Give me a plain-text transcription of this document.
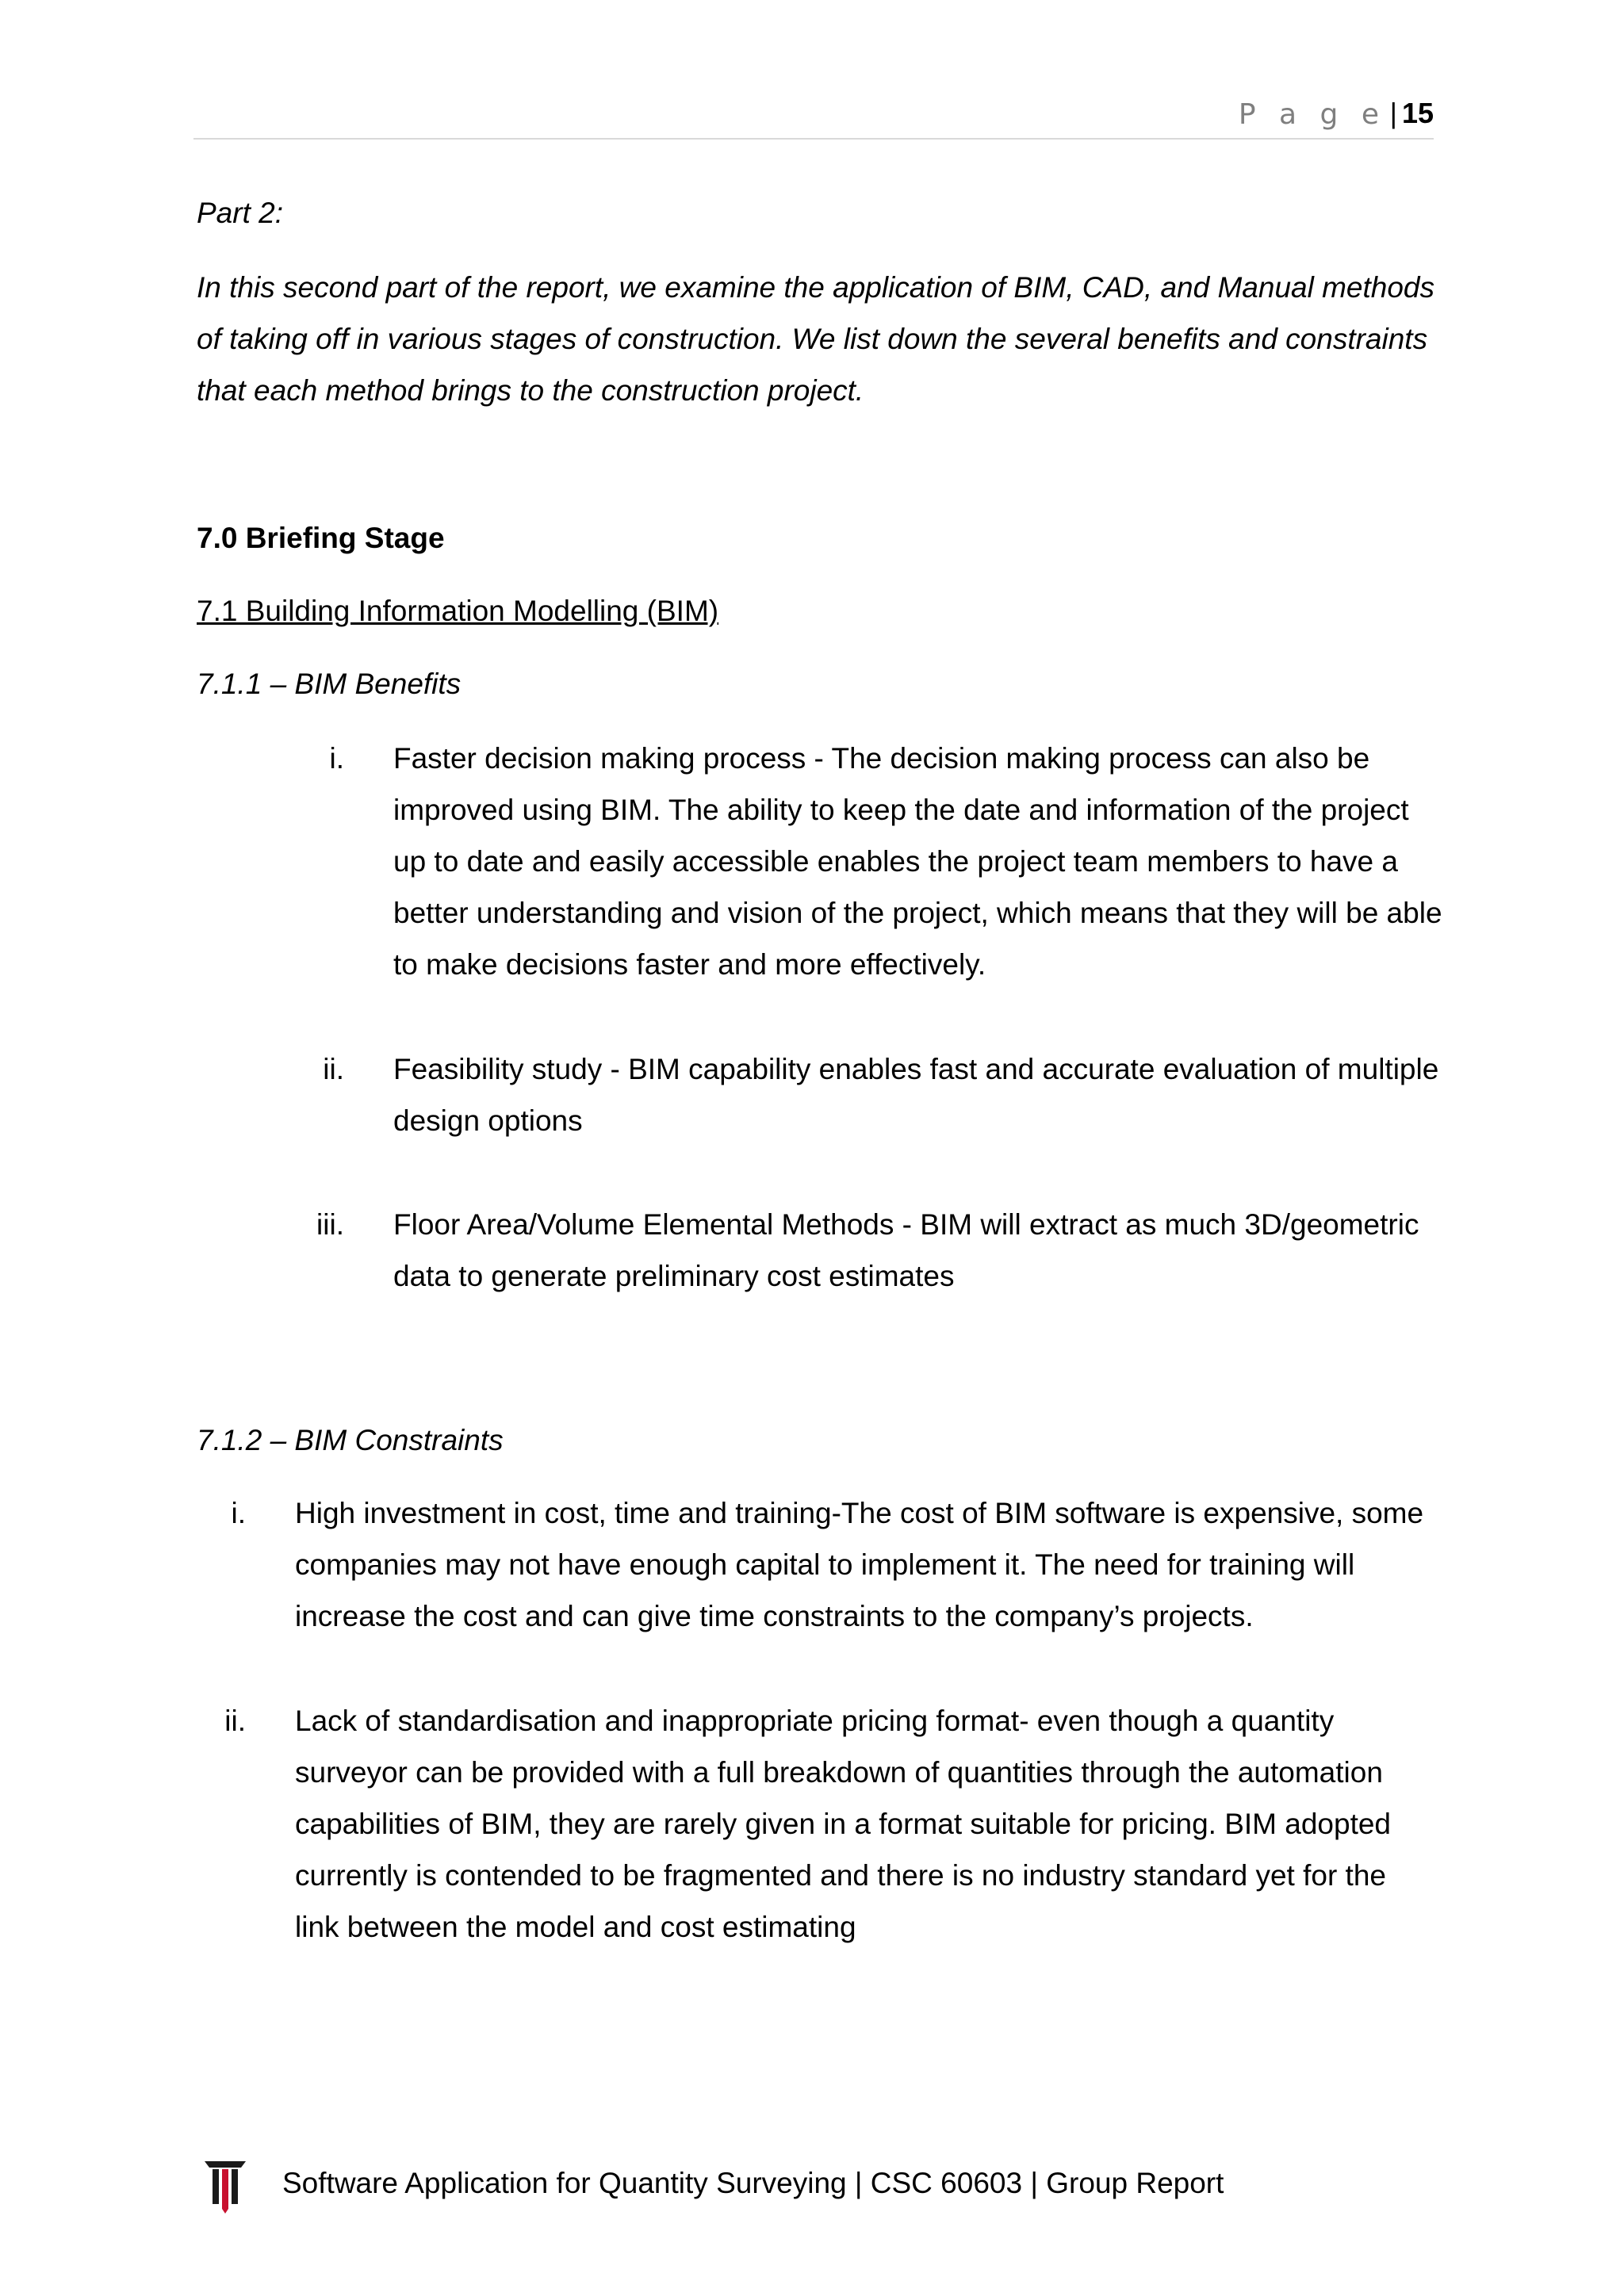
P a g e | 15

Part 2:

In this second part of the report, we examine the application of BIM, CAD, and Manual methods of taking off in various stages of construction. We list down the several benefits and constraints that each method brings to the construction project.

7.0 Briefing Stage

7.1 Building Information Modelling (BIM)

7.1.1 – BIM Benefits

i. Faster decision making process - The decision making process can also be improved using BIM. The ability to keep the date and information of the project up to date and easily accessible enables the project team members to have a better understanding and vision of the project, which means that they will be able to make decisions faster and more effectively.

ii. Feasibility study - BIM capability enables fast and accurate evaluation of multiple design options

iii. Floor Area/Volume Elemental Methods - BIM will extract as much 3D/geometric data to generate preliminary cost estimates

7.1.2 – BIM Constraints

i. High investment in cost, time and training-The cost of BIM software is expensive, some companies may not have enough capital to implement it. The need for training will increase the cost and can give time constraints to the company’s projects.

ii. Lack of standardisation and inappropriate pricing format- even though a quantity surveyor can be provided with a full breakdown of quantities through the automation capabilities of BIM, they are rarely given in a format suitable for pricing. BIM adopted currently is contended to be fragmented and there is no industry standard yet for the link between the model and cost estimating

Software Application for Quantity Surveying | CSC 60603 | Group Report
